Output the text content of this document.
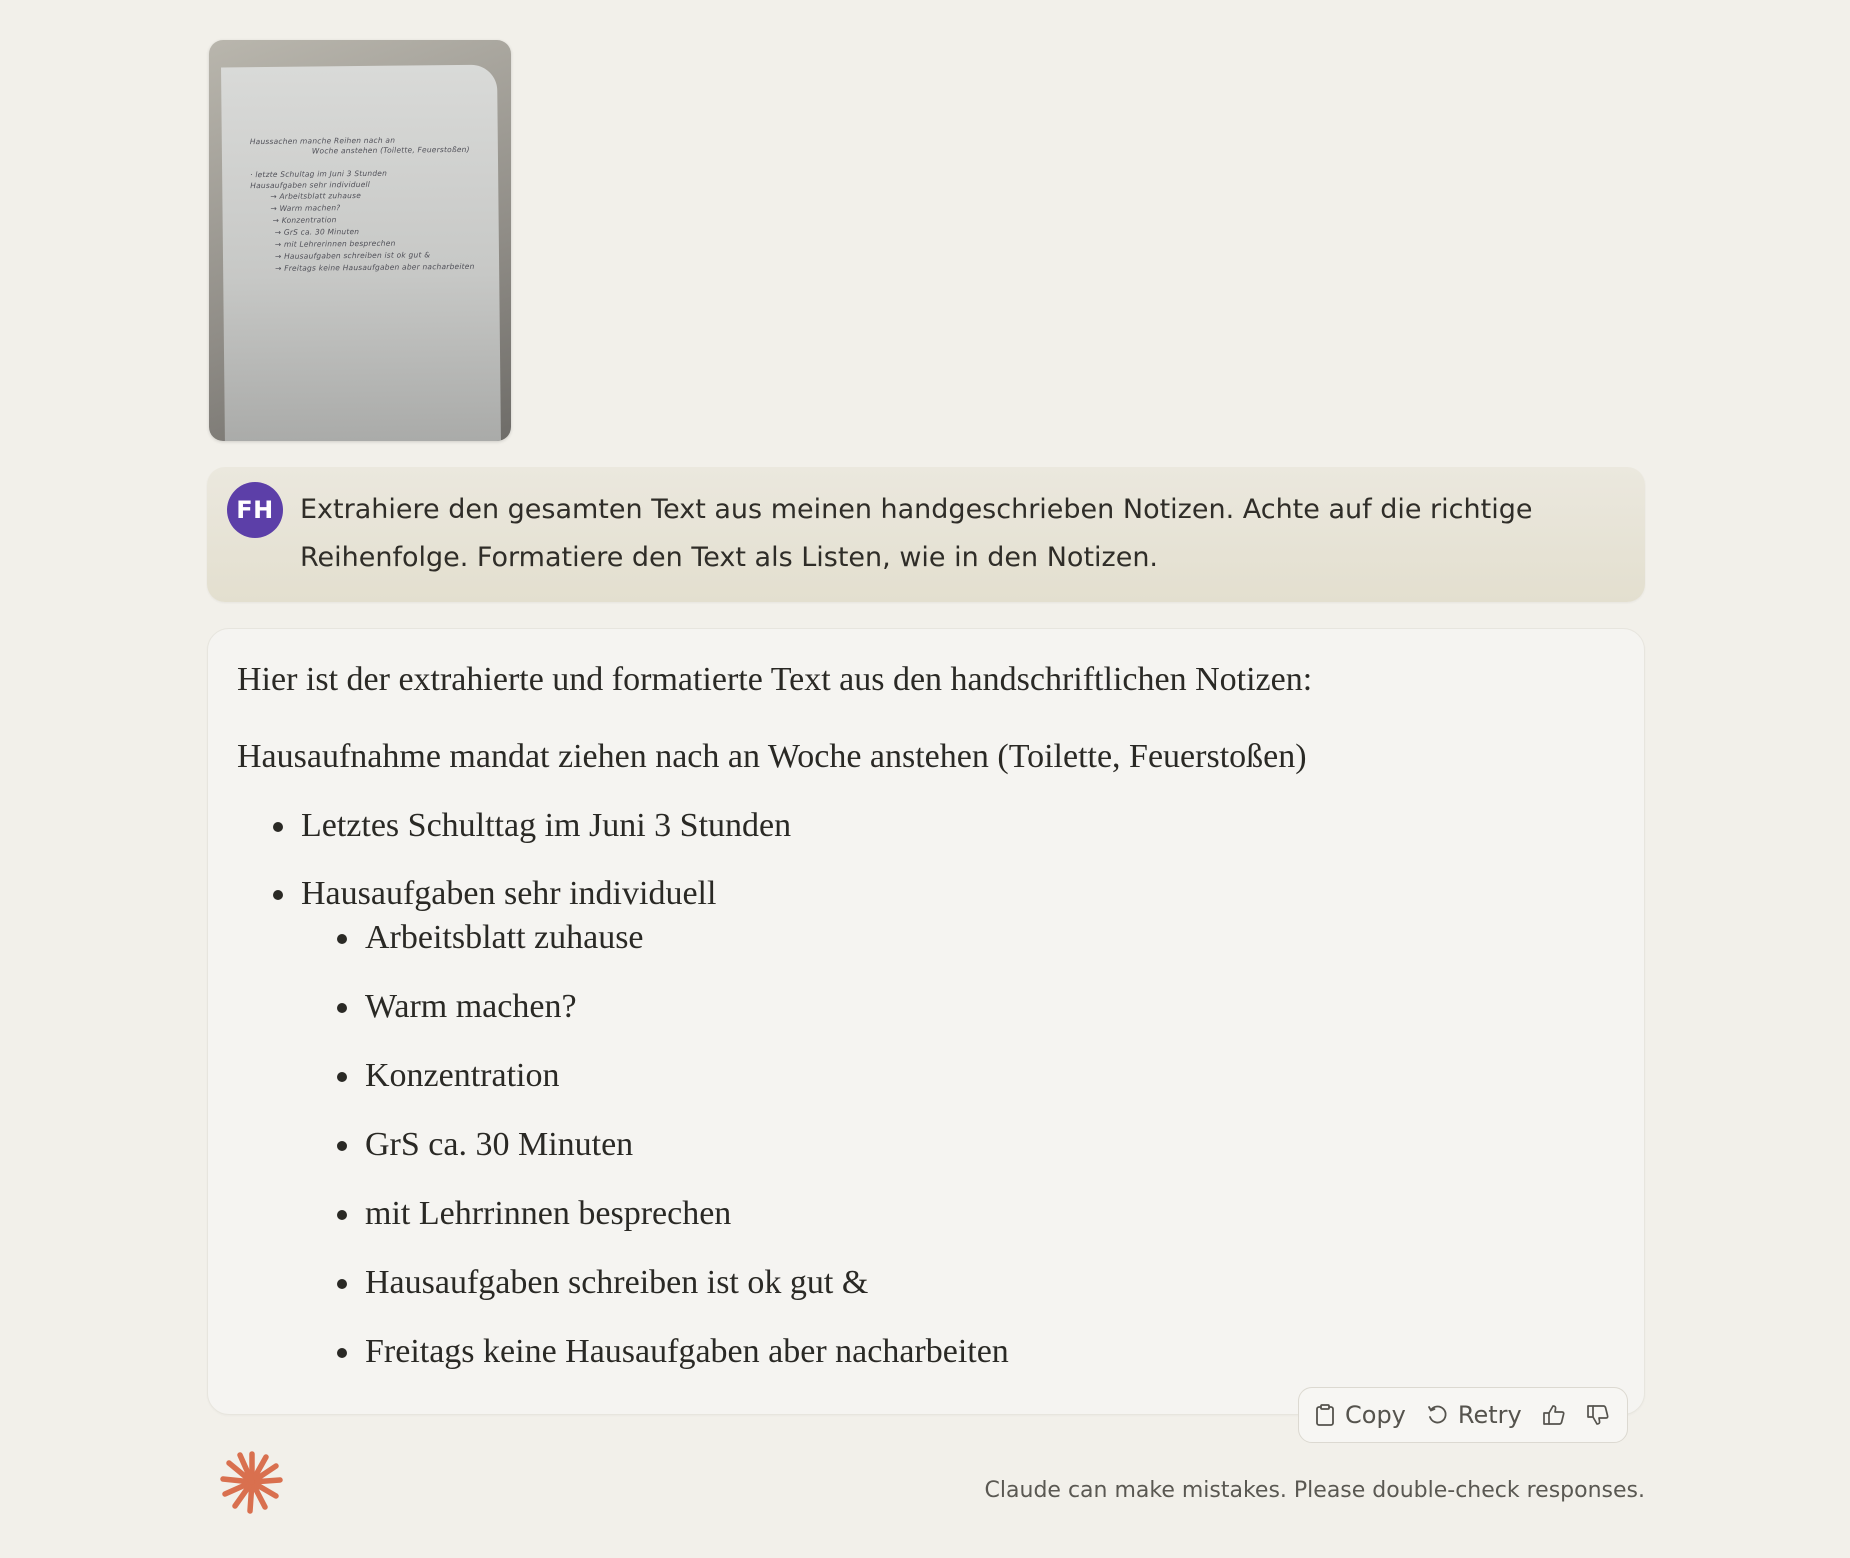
Haussachen manche Reihen nach an
Woche anstehen (Toilette, Feuerstoßen)
· letzte Schultag im Juni 3 Stunden
Hausaufgaben sehr individuell
→ Arbeitsblatt zuhause
→ Warm machen?
→ Konzentration
→ GrS ca. 30 Minuten
→ mit Lehrerinnen besprechen
→ Hausaufgaben schreiben ist ok gut &
→ Freitags keine Hausaufgaben aber nacharbeiten
FH Extrahiere den gesamten Text aus meinen handgeschrieben Notizen. Achte auf die richtige Reihenfolge. Formatiere den Text als Listen, wie in den Notizen.

Hier ist der extrahierte und formatierte Text aus den handschriftlichen Notizen:

Hausaufnahme mandat ziehen nach an Woche anstehen (Toilette, Feuerstoßen)

Letztes Schulttag im Juni 3 Stunden
Hausaufgaben sehr individuell
Arbeitsblatt zuhause
Warm machen?
Konzentration
GrS ca. 30 Minuten
mit Lehrrinnen besprechen
Hausaufgaben schreiben ist ok gut &
Freitags keine Hausaufgaben aber nacharbeiten
Copy Retry
Claude can make mistakes. Please double-check responses.
